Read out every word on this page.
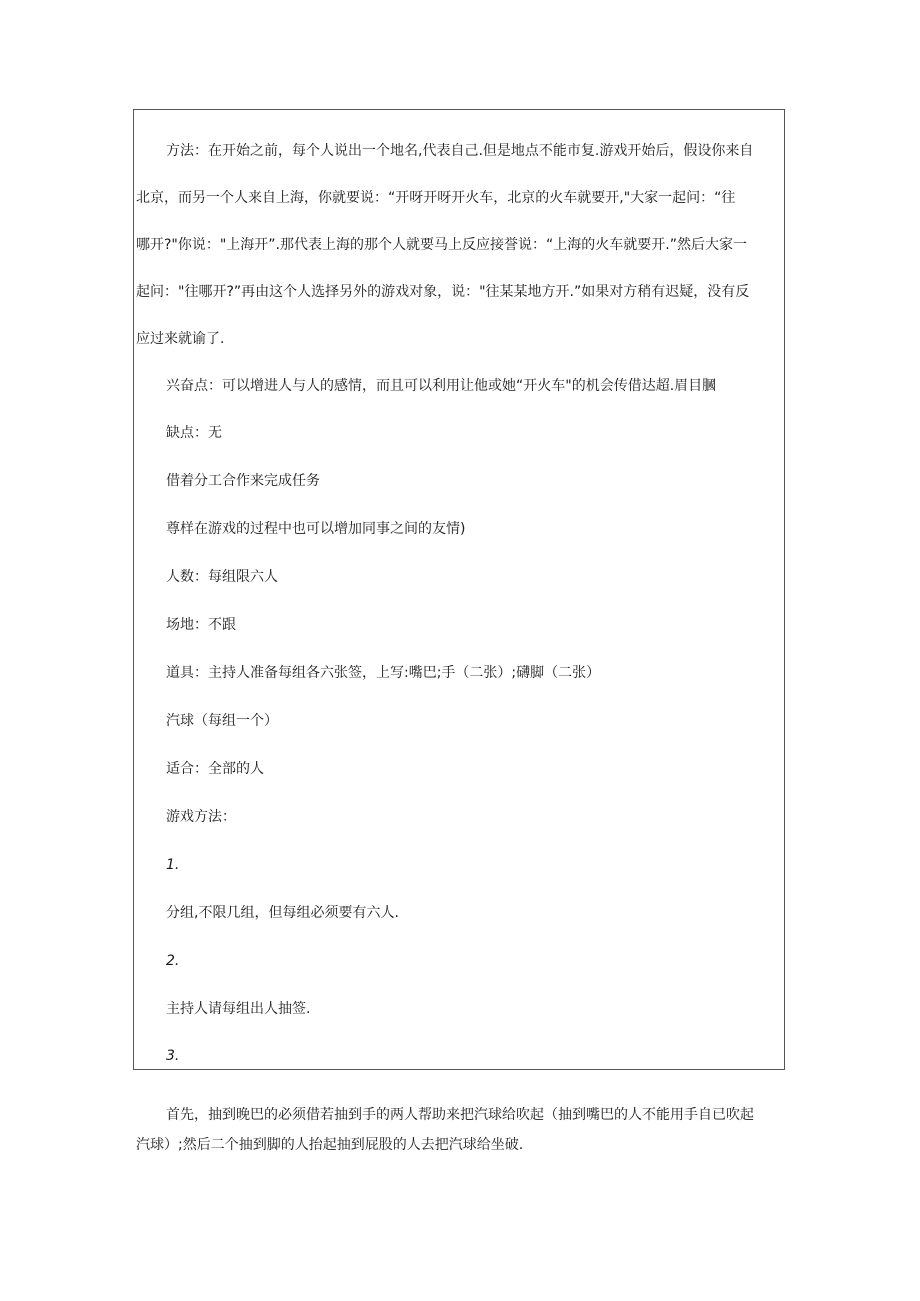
方法：在开始之前，每个人说出一个地名,代表自己.但是地点不能市复.游戏开始后，假设你来自
北京，而另一个人来自上海，你就要说：“开呀开呀开火车，北京的火车就要开,"大家一起问：“往
哪开?"你说："上海开”.那代表上海的那个人就要马上反应接誉说：“上海的火车就要开.”然后大家一
起问："往哪开?”再由这个人选择另外的游戏对象，说："往某某地方开.”如果对方稍有迟疑，没有反
应过来就谕了.
兴奋点：可以增进人与人的感情，而且可以利用让他或她“开火车"的机会传借达超.眉目膕
缺点：无
借着分工合作来完成任务
尊样在游戏的过程中也可以增加同事之间的友情)
人数：每组限六人
场地：不跟
道具：主持人准备每组各六张签，上写:嘴巴;手（二张）;礴脚（二张）
汽球（每组一个）
适合：全部的人
游戏方法：
1.
分组,不限几组，但每组必须要有六人.
2.
主持人请每组出人抽签.
3.
首先，抽到晚巴的必须借若抽到手的两人帮助来把汽球给吹起（抽到嘴巴的人不能用手自已吹起
汽球）;然后二个抽到脚的人抬起抽到屁股的人去把汽球给坐破.
